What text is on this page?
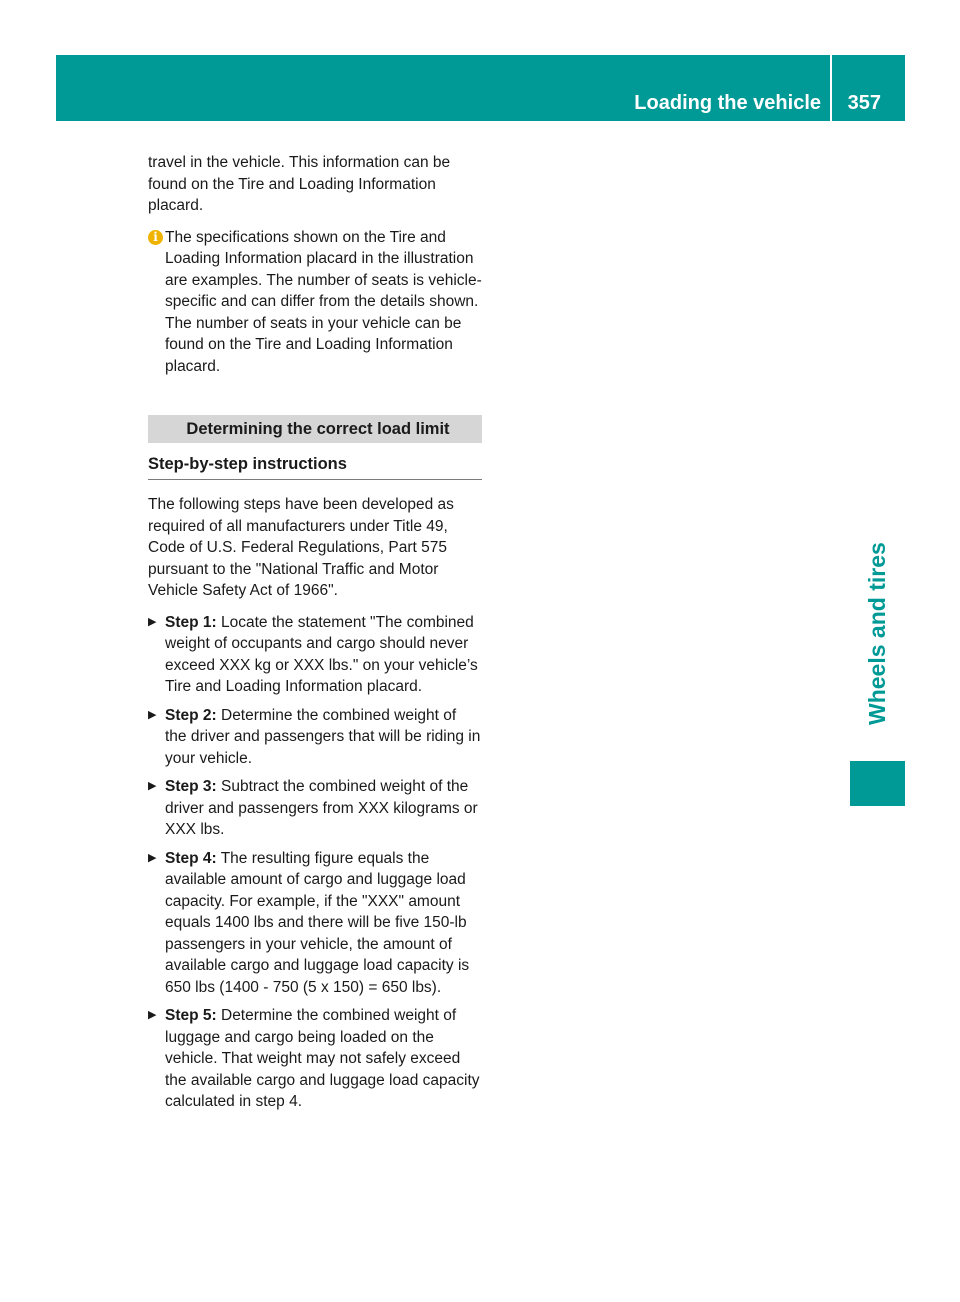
Loading the vehicle 357
Wheels and tires

travel in the vehicle. This information can be found on the Tire and Loading Information placard.

i The specifications shown on the Tire and Loading Information placard in the illustration are examples. The number of seats is vehicle-specific and can differ from the details shown. The number of seats in your vehicle can be found on the Tire and Loading Information placard.
Determining the correct load limit
Step-by-step instructions

The following steps have been developed as required of all manufacturers under Title 49, Code of U.S. Federal Regulations, Part 575 pursuant to the "National Traffic and Motor Vehicle Safety Act of 1966".

▶ Step 1: Locate the statement "The combined weight of occupants and cargo should never exceed XXX kg or XXX lbs." on your vehicle’s Tire and Loading Information placard.
▶ Step 2: Determine the combined weight of the driver and passengers that will be riding in your vehicle.
▶ Step 3: Subtract the combined weight of the driver and passengers from XXX kilograms or XXX lbs.
▶ Step 4: The resulting figure equals the available amount of cargo and luggage load capacity. For example, if the "XXX" amount equals 1400 lbs and there will be five 150-lb passengers in your vehicle, the amount of available cargo and luggage load capacity is 650 lbs (1400 - 750 (5 x 150) = 650 lbs).
▶ Step 5: Determine the combined weight of luggage and cargo being loaded on the vehicle. That weight may not safely exceed the available cargo and luggage load capacity calculated in step 4.
